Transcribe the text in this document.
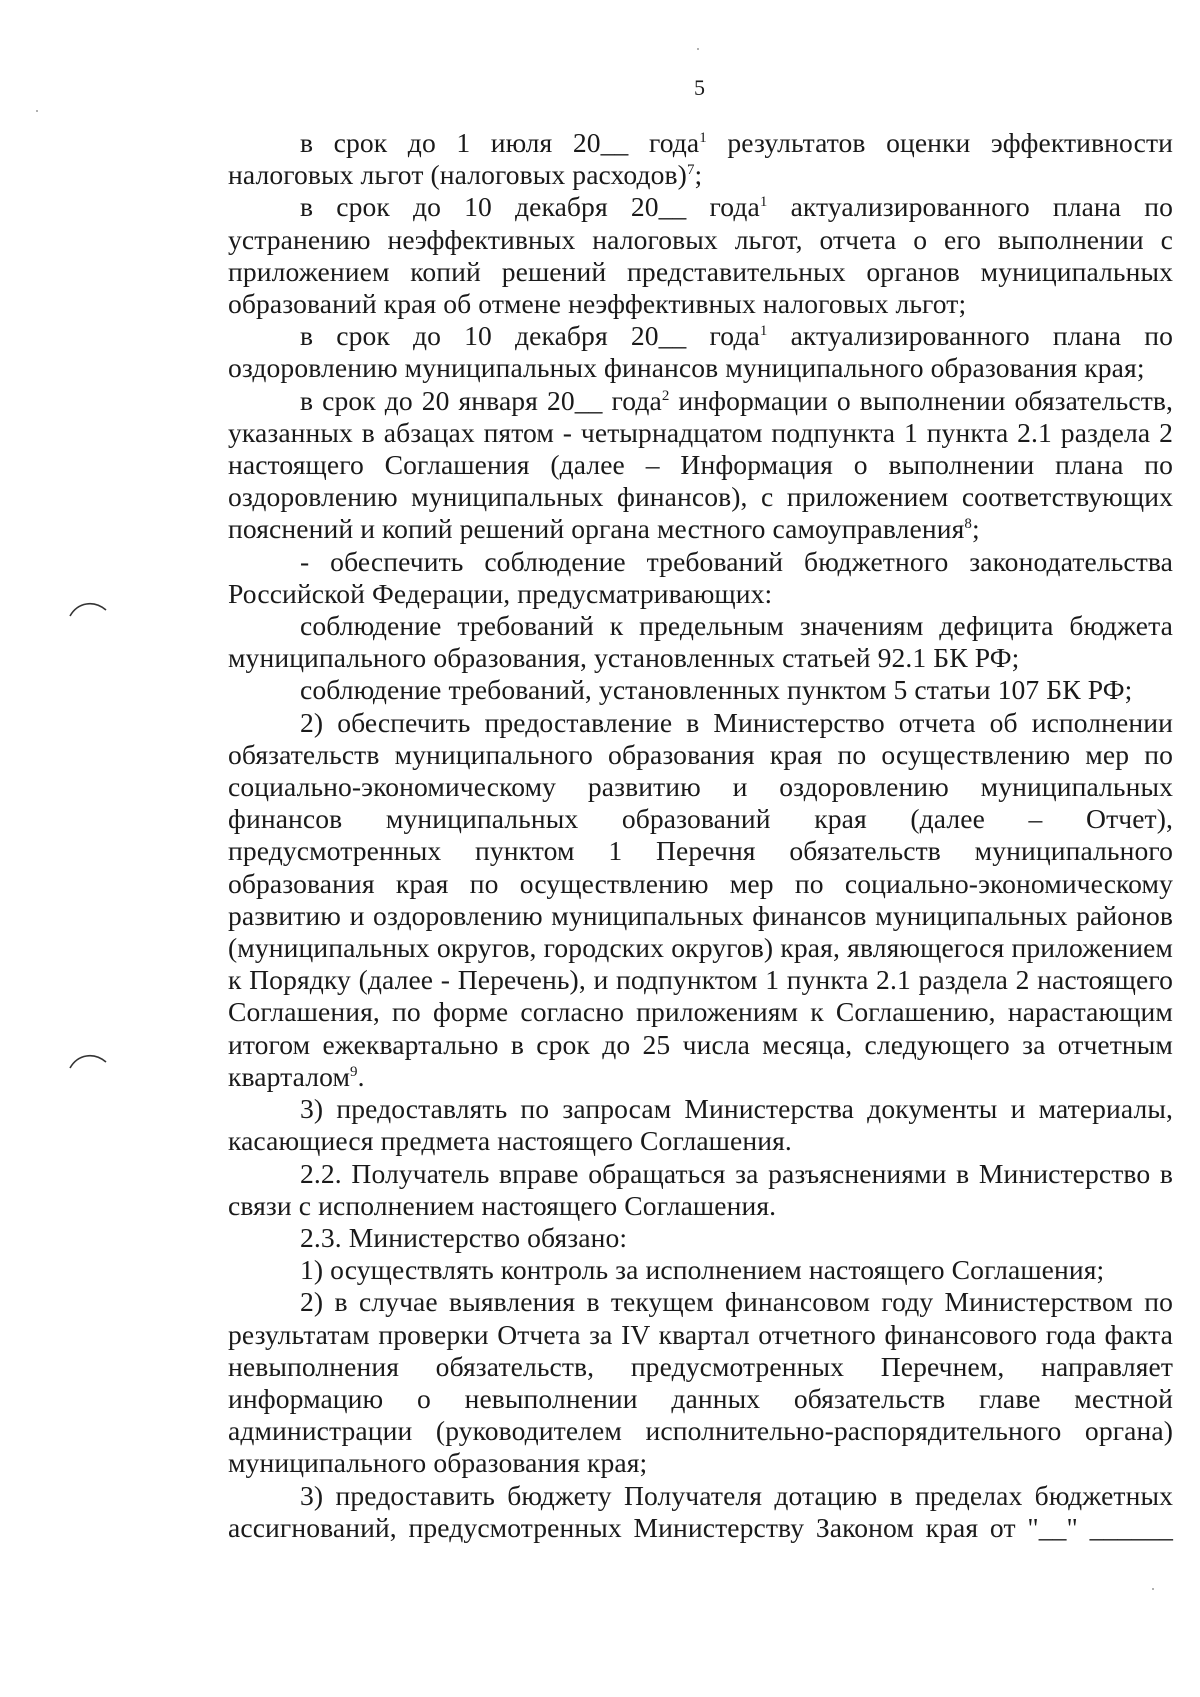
5

в срок до 1 июля 20__ года$^1$ результатов оценки эффективности налоговых льгот (налоговых расходов)$^7$;

в срок до 10 декабря 20__ года$^1$ актуализированного плана по устранению неэффективных налоговых льгот, отчета о его выполнении с приложением копий решений представительных органов муниципальных образований края об отмене неэффективных налоговых льгот;

в срок до 10 декабря 20__ года$^1$ актуализированного плана по оздоровлению муниципальных финансов муниципального образования края;

в срок до 20 января 20__ года$^2$ информации о выполнении обязательств, указанных в абзацах пятом - четырнадцатом подпункта 1 пункта 2.1 раздела 2 настоящего Соглашения (далее – Информация о выполнении плана по оздоровлению муниципальных финансов), с приложением соответствующих пояснений и копий решений органа местного самоуправления$^8$;

- обеспечить соблюдение требований бюджетного законодательства Российской Федерации, предусматривающих:

соблюдение требований к предельным значениям дефицита бюджета муниципального образования, установленных статьей 92.1 БК РФ;

соблюдение требований, установленных пунктом 5 статьи 107 БК РФ;

2) обеспечить предоставление в Министерство отчета об исполнении обязательств муниципального образования края по осуществлению мер по социально-экономическому развитию и оздоровлению муниципальных финансов муниципальных образований края (далее – Отчет), предусмотренных пунктом 1 Перечня обязательств муниципального образования края по осуществлению мер по социально-экономическому развитию и оздоровлению муниципальных финансов муниципальных районов (муниципальных округов, городских округов) края, являющегося приложением к Порядку (далее - Перечень), и подпунктом 1 пункта 2.1 раздела 2 настоящего Соглашения, по форме согласно приложениям к Соглашению, нарастающим итогом ежеквартально в срок до 25 числа месяца, следующего за отчетным кварталом$^9$.

3) предоставлять по запросам Министерства документы и материалы, касающиеся предмета настоящего Соглашения.

2.2. Получатель вправе обращаться за разъяснениями в Министерство в связи с исполнением настоящего Соглашения.

2.3. Министерство обязано:

1) осуществлять контроль за исполнением настоящего Соглашения;

2) в случае выявления в текущем финансовом году Министерством по результатам проверки Отчета за IV квартал отчетного финансового года факта невыполнения обязательств, предусмотренных Перечнем, направляет информацию о невыполнении данных обязательств главе местной администрации (руководителем исполнительно-распорядительного органа) муниципального образования края;

3) предоставить бюджету Получателя дотацию в пределах бюджетных ассигнований, предусмотренных Министерству Законом края от "__" ______
